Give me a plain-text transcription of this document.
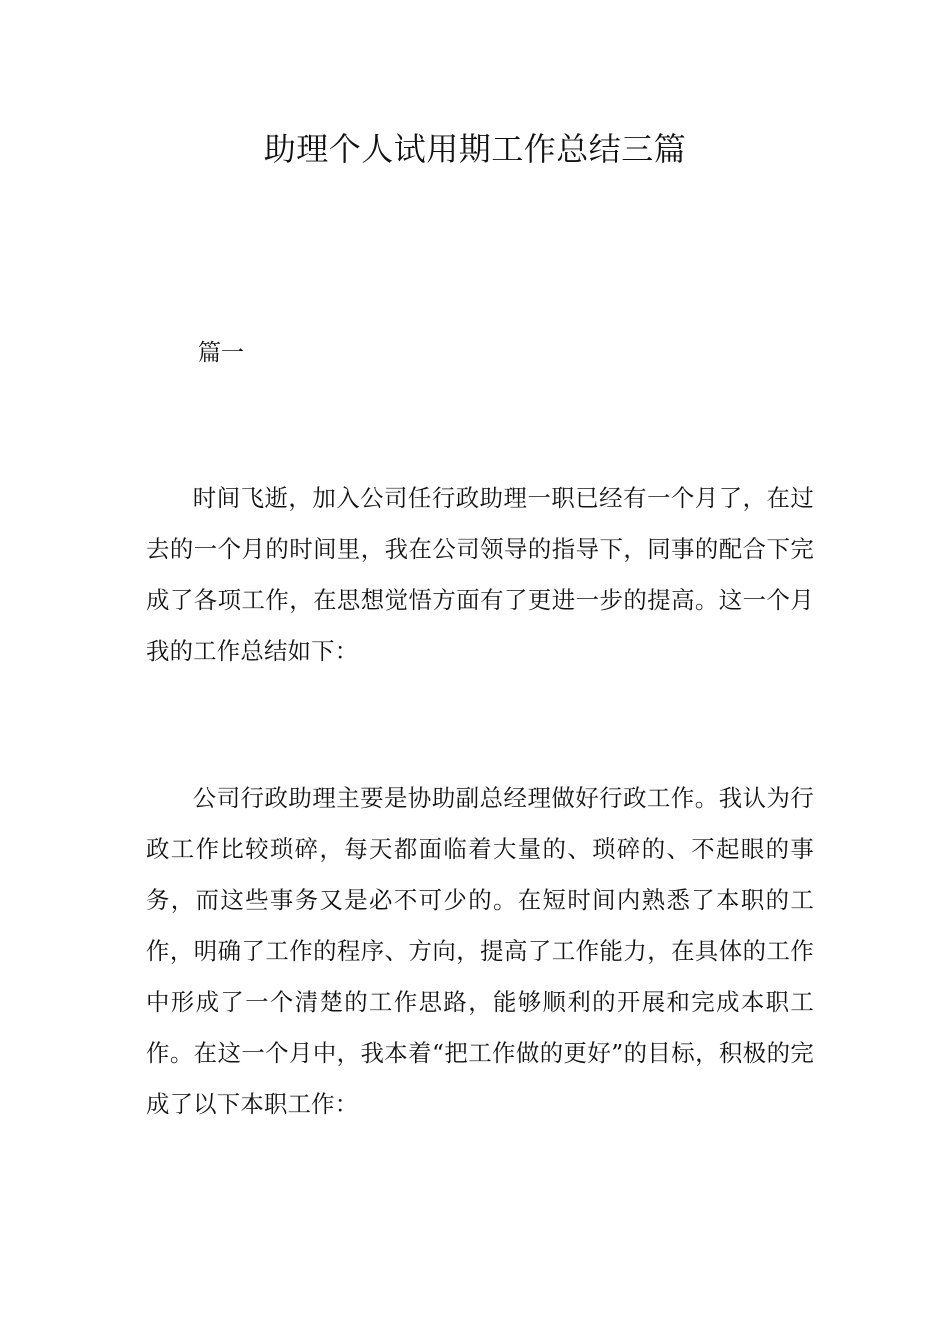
助理个人试用期工作总结三篇

篇一

时间飞逝，加入公司任行政助理一职已经有一个月了，在过去的一个月的时间里，我在公司领导的指导下，同事的配合下完成了各项工作，在思想觉悟方面有了更进一步的提高。这一个月我的工作总结如下：

公司行政助理主要是协助副总经理做好行政工作。我认为行政工作比较琐碎，每天都面临着大量的、琐碎的、不起眼的事务，而这些事务又是必不可少的。在短时间内熟悉了本职的工作，明确了工作的程序、方向，提高了工作能力，在具体的工作中形成了一个清楚的工作思路，能够顺利的开展和完成本职工作。在这一个月中，我本着“把工作做的更好”的目标，积极的完成了以下本职工作：
